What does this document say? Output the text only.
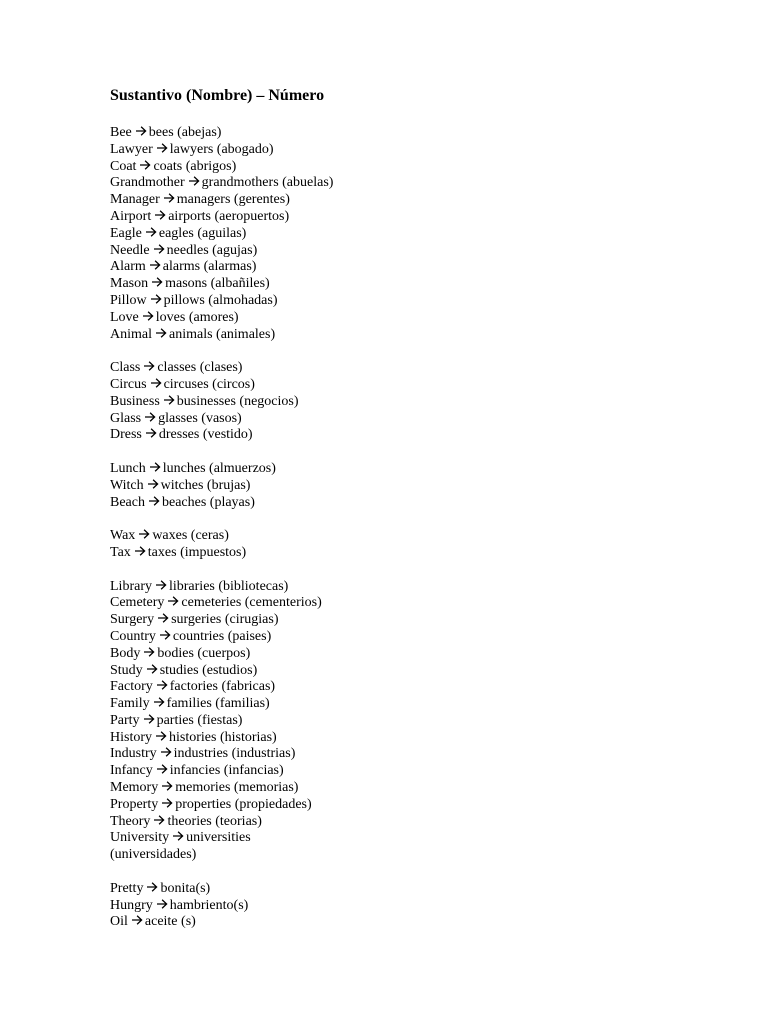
Sustantivo (Nombre) – Número
Bee bees (abejas)
Lawyer lawyers (abogado)
Coat coats (abrigos)
Grandmother grandmothers (abuelas)
Manager managers (gerentes)
Airport airports (aeropuertos)
Eagle eagles (aguilas)
Needle needles (agujas)
Alarm alarms (alarmas)
Mason masons (albañiles)
Pillow pillows (almohadas)
Love loves (amores)
Animal animals (animales)
Class classes (clases)
Circus circuses (circos)
Business businesses (negocios)
Glass glasses (vasos)
Dress dresses (vestido)
Lunch lunches (almuerzos)
Witch witches (brujas)
Beach beaches (playas)
Wax waxes (ceras)
Tax taxes (impuestos)
Library libraries (bibliotecas)
Cemetery cemeteries (cementerios)
Surgery surgeries (cirugias)
Country countries (paises)
Body bodies (cuerpos)
Study studies (estudios)
Factory factories (fabricas)
Family families (familias)
Party parties (fiestas)
History histories (historias)
Industry industries (industrias)
Infancy infancies (infancias)
Memory memories (memorias)
Property properties (propiedades)
Theory theories (teorias)
University universities
(universidades)
Pretty bonita(s)
Hungry hambriento(s)
Oil aceite (s)
